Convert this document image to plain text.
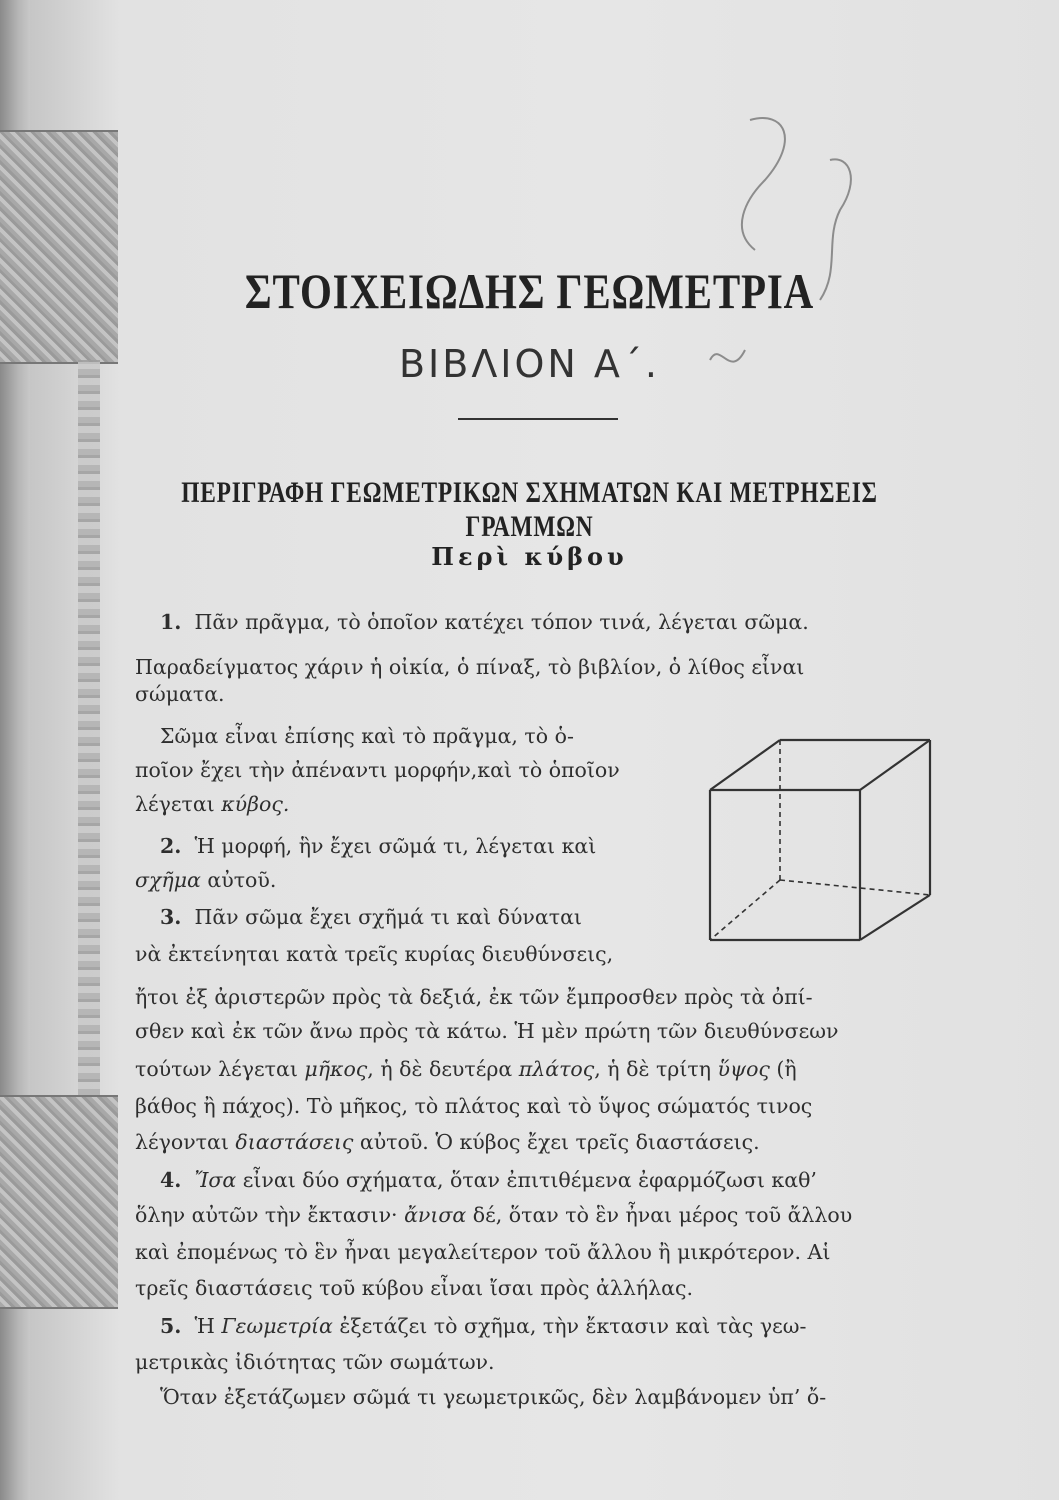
ΣΤΟΙΧΕΙΩΔΗΣ ΓΕΩΜΕΤΡΙΑ
ΒΙΒΛΙΟΝ Α΄.
ΠΕΡΙΓΡΑΦΗ ΓΕΩΜΕΤΡΙΚΩΝ ΣΧΗΜΑΤΩΝ ΚΑΙ ΜΕΤΡΗΣΕΙΣ ΓΡΑΜΜΩΝ
Περὶ κύβου

1. Πᾶν πρᾶγμα, τὸ ὁποῖον κατέχει τόπον τινά, λέγεται σῶμα.

Παραδείγματος χάριν ἡ οἰκία, ὁ πίναξ, τὸ βιβλίον, ὁ λίθος εἶναι

σώματα.

Σῶμα εἶναι ἐπίσης καὶ τὸ πρᾶγμα, τὸ ὁ-

ποῖον ἔχει τὴν ἀπέναντι μορφήν,καὶ τὸ ὁποῖον

λέγεται κύβος.

2. Ἡ μορφή, ἣν ἔχει σῶμά τι, λέγεται καὶ

σχῆμα αὐτοῦ.

3. Πᾶν σῶμα ἔχει σχῆμά τι καὶ δύναται

νὰ ἐκτείνηται κατὰ τρεῖς κυρίας διευθύνσεις,

ἤτοι ἐξ ἀριστερῶν πρὸς τὰ δεξιά, ἐκ τῶν ἔμπροσθεν πρὸς τὰ ὀπί-

σθεν καὶ ἐκ τῶν ἄνω πρὸς τὰ κάτω. Ἡ μὲν πρώτη τῶν διευθύνσεων

τούτων λέγεται μῆκος, ἡ δὲ δευτέρα πλάτος, ἡ δὲ τρίτη ὕψος (ἢ

βάθος ἢ πάχος). Τὸ μῆκος, τὸ πλάτος καὶ τὸ ὕψος σώματός τινος

λέγονται διαστάσεις αὐτοῦ. Ὁ κύβος ἔχει τρεῖς διαστάσεις.

4. Ἴσα εἶναι δύο σχήματα, ὅταν ἐπιτιθέμενα ἐφαρμόζωσι καθ’

ὅλην αὐτῶν τὴν ἔκτασιν· ἄνισα δέ, ὅταν τὸ ἓν ἦναι μέρος τοῦ ἄλλου

καὶ ἐπομένως τὸ ἓν ἦναι μεγαλείτερον τοῦ ἄλλου ἢ μικρότερον. Αἱ

τρεῖς διαστάσεις τοῦ κύβου εἶναι ἴσαι πρὸς ἀλλήλας.

5. Ἡ Γεωμετρία ἐξετάζει τὸ σχῆμα, τὴν ἔκτασιν καὶ τὰς γεω-

μετρικὰς ἰδιότητας τῶν σωμάτων.

Ὅταν ἐξετάζωμεν σῶμά τι γεωμετρικῶς, δὲν λαμβάνομεν ὑπ’ ὄ-
